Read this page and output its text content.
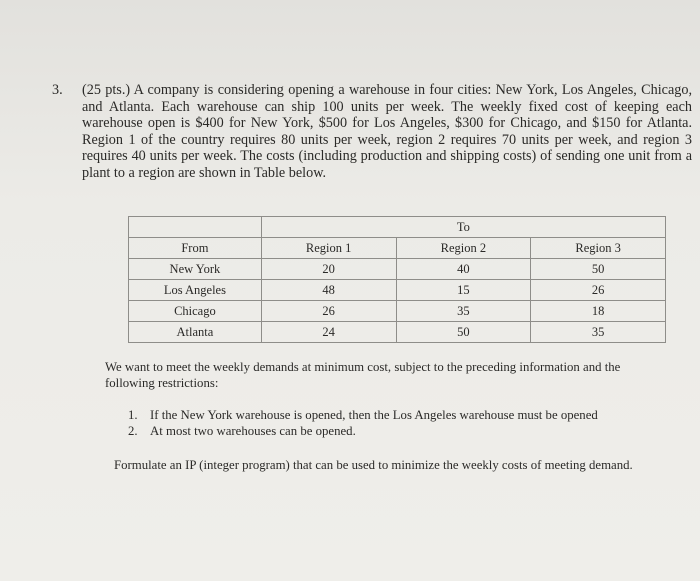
3. (25 pts.) A company is considering opening a warehouse in four cities: New York, Los Angeles, Chicago, and Atlanta. Each warehouse can ship 100 units per week. The weekly fixed cost of keeping each warehouse open is $400 for New York, $500 for Los Angeles, $300 for Chicago, and $150 for Atlanta. Region 1 of the country requires 80 units per week, region 2 requires 70 units per week, and region 3 requires 40 units per week. The costs (including production and shipping costs) of sending one unit from a plant to a region are shown in Table below.
	To		
From	Region 1	Region 2	Region 3
New York	20	40	50
Los Angeles	48	15	26
Chicago	26	35	18
Atlanta	24	50	35
We want to meet the weekly demands at minimum cost, subject to the preceding information and the following restrictions:
1. If the New York warehouse is opened, then the Los Angeles warehouse must be opened
2. At most two warehouses can be opened.
Formulate an IP (integer program) that can be used to minimize the weekly costs of meeting demand.
